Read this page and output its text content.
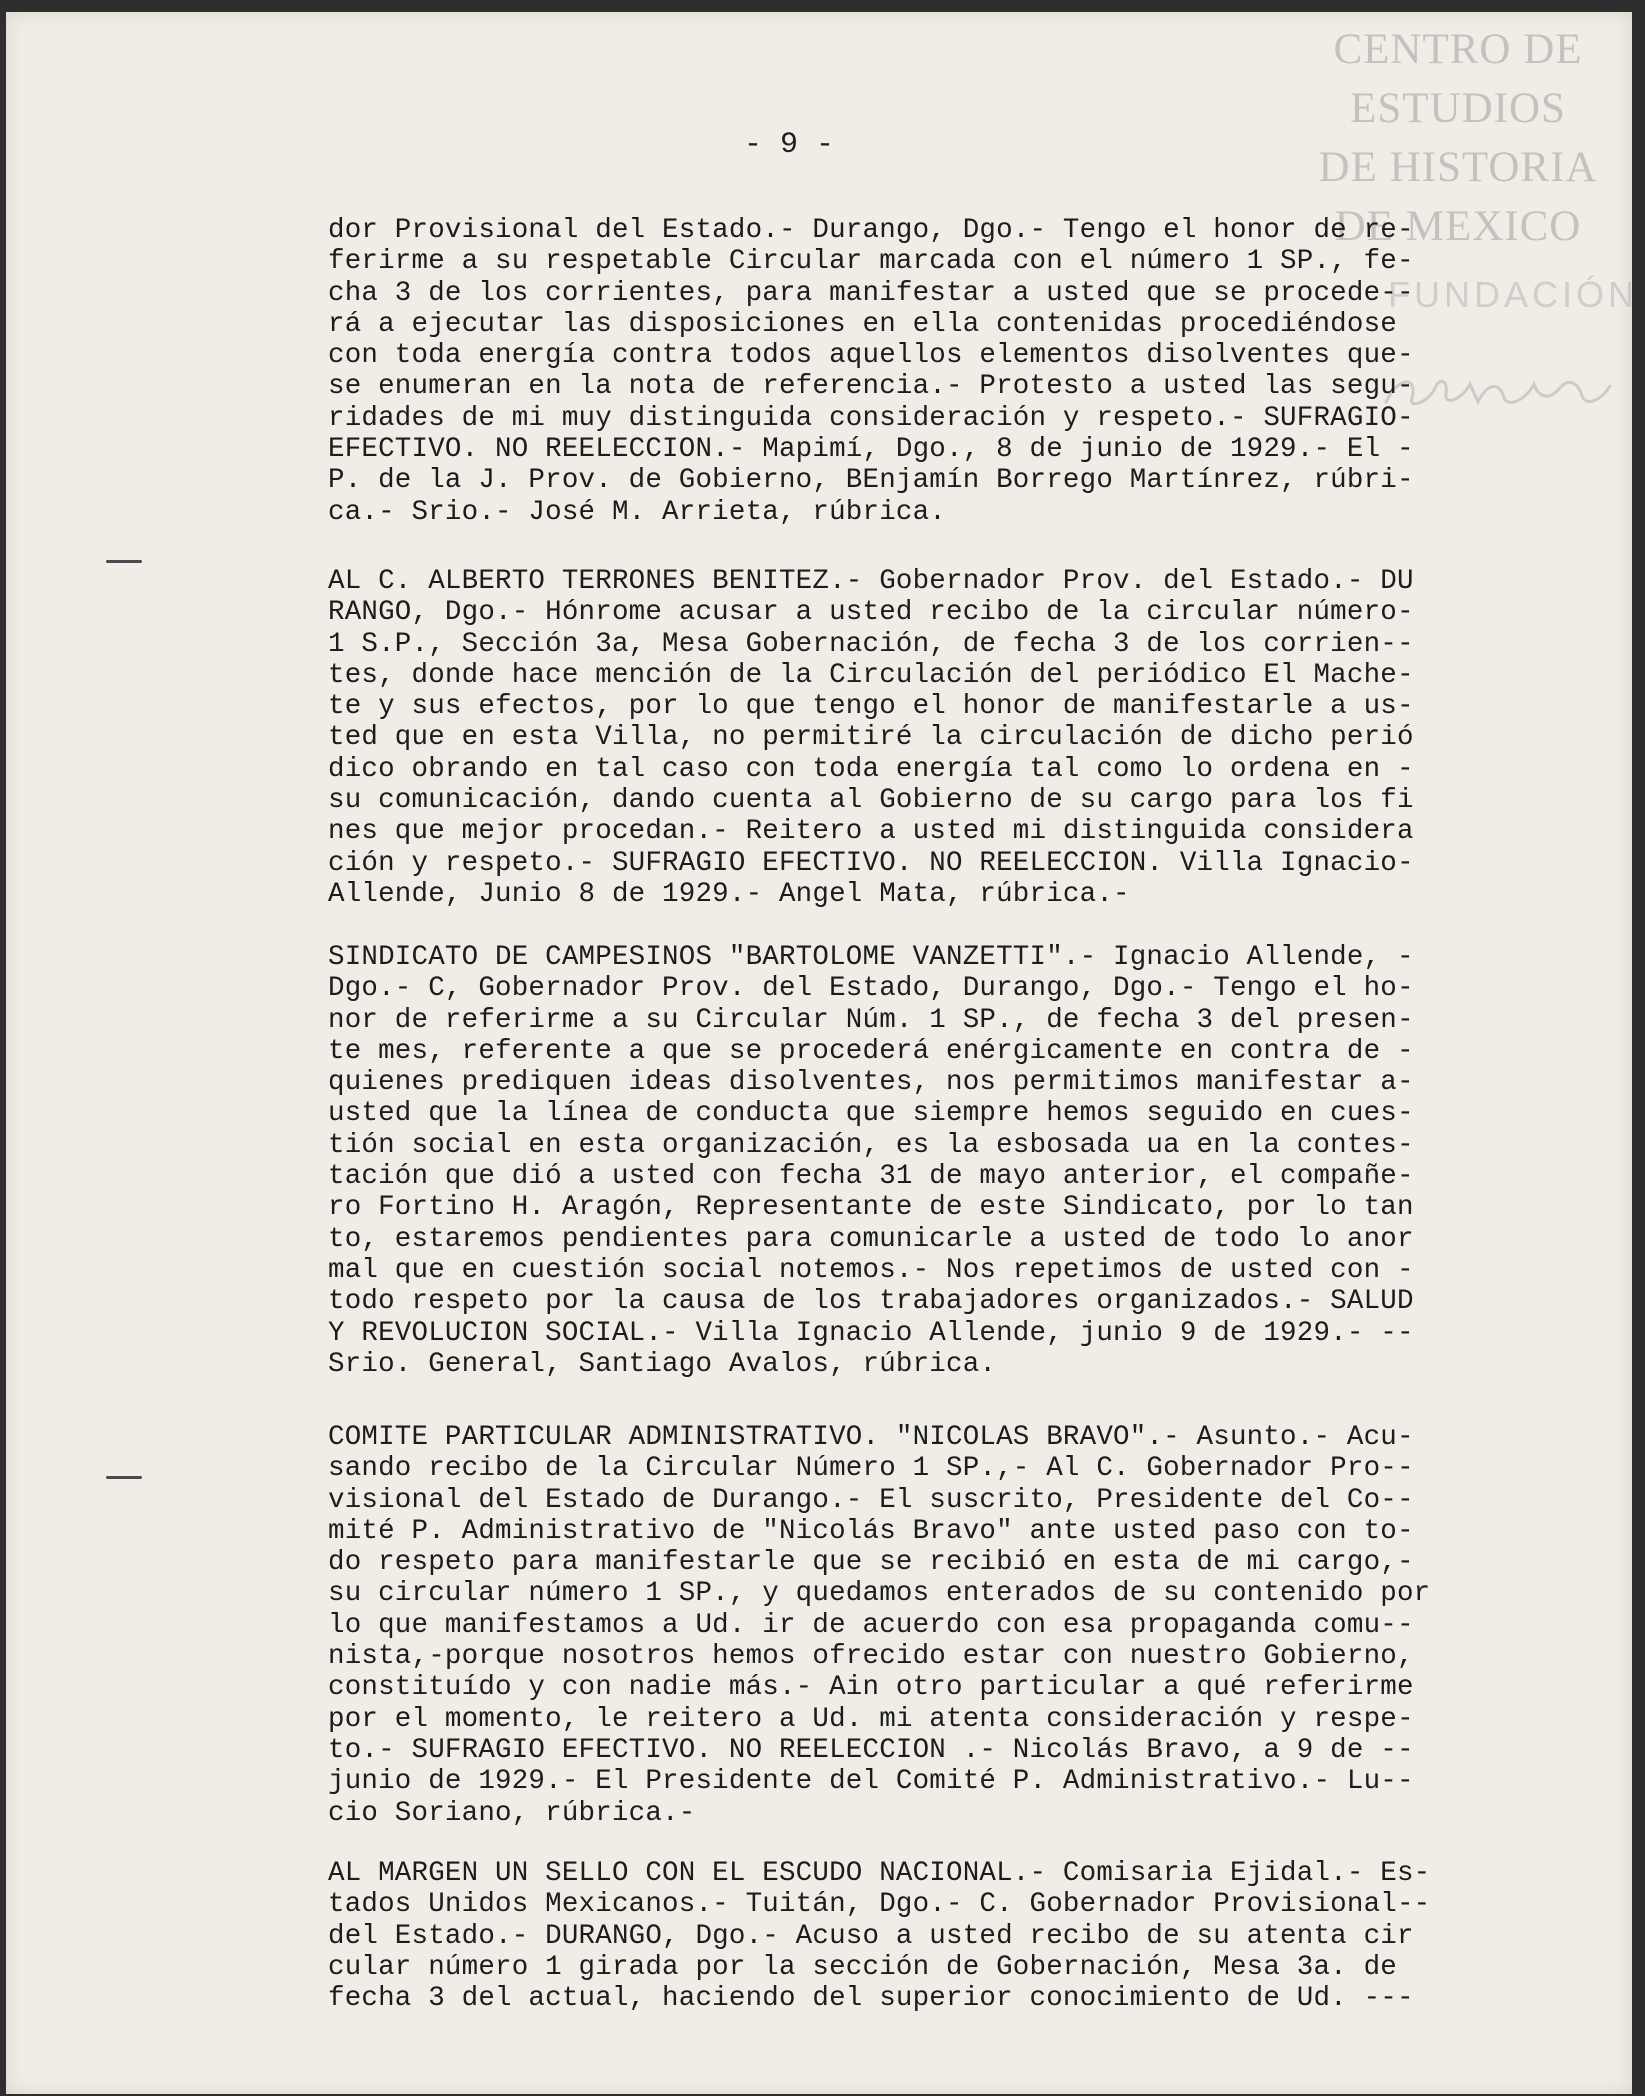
CENTRO DE
ESTUDIOS
DE HISTORIA
DE MEXICO
FUNDACIÓN
- 9 -
dor Provisional del Estado.- Durango, Dgo.- Tengo el honor de re-
ferirme a su respetable Circular marcada con el número 1 SP., fe-
cha 3 de los corrientes, para manifestar a usted que se procede--
rá a ejecutar las disposiciones en ella contenidas procediéndose
con toda energía contra todos aquellos elementos disolventes que-
se enumeran en la nota de referencia.- Protesto a usted las segu-
ridades de mi muy distinguida consideración y respeto.- SUFRAGIO-
EFECTIVO. NO REELECCION.- Mapimí, Dgo., 8 de junio de 1929.- El -
P. de la J. Prov. de Gobierno, BEnjamín Borrego Martínrez, rúbri-
ca.- Srio.- José M. Arrieta, rúbrica.
AL C. ALBERTO TERRONES BENITEZ.- Gobernador Prov. del Estado.- DU
RANGO, Dgo.- Hónrome acusar a usted recibo de la circular número-
1 S.P., Sección 3a, Mesa Gobernación, de fecha 3 de los corrien--
tes, donde hace mención de la Circulación del periódico El Mache-
te y sus efectos, por lo que tengo el honor de manifestarle a us-
ted que en esta Villa, no permitiré la circulación de dicho perió
dico obrando en tal caso con toda energía tal como lo ordena en -
su comunicación, dando cuenta al Gobierno de su cargo para los fi
nes que mejor procedan.- Reitero a usted mi distinguida considera
ción y respeto.- SUFRAGIO EFECTIVO. NO REELECCION. Villa Ignacio-
Allende, Junio 8 de 1929.- Angel Mata, rúbrica.-
SINDICATO DE CAMPESINOS "BARTOLOME VANZETTI".- Ignacio Allende, -
Dgo.- C, Gobernador Prov. del Estado, Durango, Dgo.- Tengo el ho-
nor de referirme a su Circular Núm. 1 SP., de fecha 3 del presen-
te mes, referente a que se procederá enérgicamente en contra de -
quienes prediquen ideas disolventes, nos permitimos manifestar a-
usted que la línea de conducta que siempre hemos seguido en cues-
tión social en esta organización, es la esbosada ua en la contes-
tación que dió a usted con fecha 31 de mayo anterior, el compañe-
ro Fortino H. Aragón, Representante de este Sindicato, por lo tan
to, estaremos pendientes para comunicarle a usted de todo lo anor
mal que en cuestión social notemos.- Nos repetimos de usted con -
todo respeto por la causa de los trabajadores organizados.- SALUD
Y REVOLUCION SOCIAL.- Villa Ignacio Allende, junio 9 de 1929.- --
Srio. General, Santiago Avalos, rúbrica.
COMITE PARTICULAR ADMINISTRATIVO. "NICOLAS BRAVO".- Asunto.- Acu-
sando recibo de la Circular Número 1 SP.,- Al C. Gobernador Pro--
visional del Estado de Durango.- El suscrito, Presidente del Co--
mité P. Administrativo de "Nicolás Bravo" ante usted paso con to-
do respeto para manifestarle que se recibió en esta de mi cargo,-
su circular número 1 SP., y quedamos enterados de su contenido por
lo que manifestamos a Ud. ir de acuerdo con esa propaganda comu--
nista,-porque nosotros hemos ofrecido estar con nuestro Gobierno,
constituído y con nadie más.- Ain otro particular a qué referirme
por el momento, le reitero a Ud. mi atenta consideración y respe-
to.- SUFRAGIO EFECTIVO. NO REELECCION .- Nicolás Bravo, a 9 de --
junio de 1929.- El Presidente del Comité P. Administrativo.- Lu--
cio Soriano, rúbrica.-
AL MARGEN UN SELLO CON EL ESCUDO NACIONAL.- Comisaria Ejidal.- Es-
tados Unidos Mexicanos.- Tuitán, Dgo.- C. Gobernador Provisional--
del Estado.- DURANGO, Dgo.- Acuso a usted recibo de su atenta cir
cular número 1 girada por la sección de Gobernación, Mesa 3a. de
fecha 3 del actual, haciendo del superior conocimiento de Ud. ---
